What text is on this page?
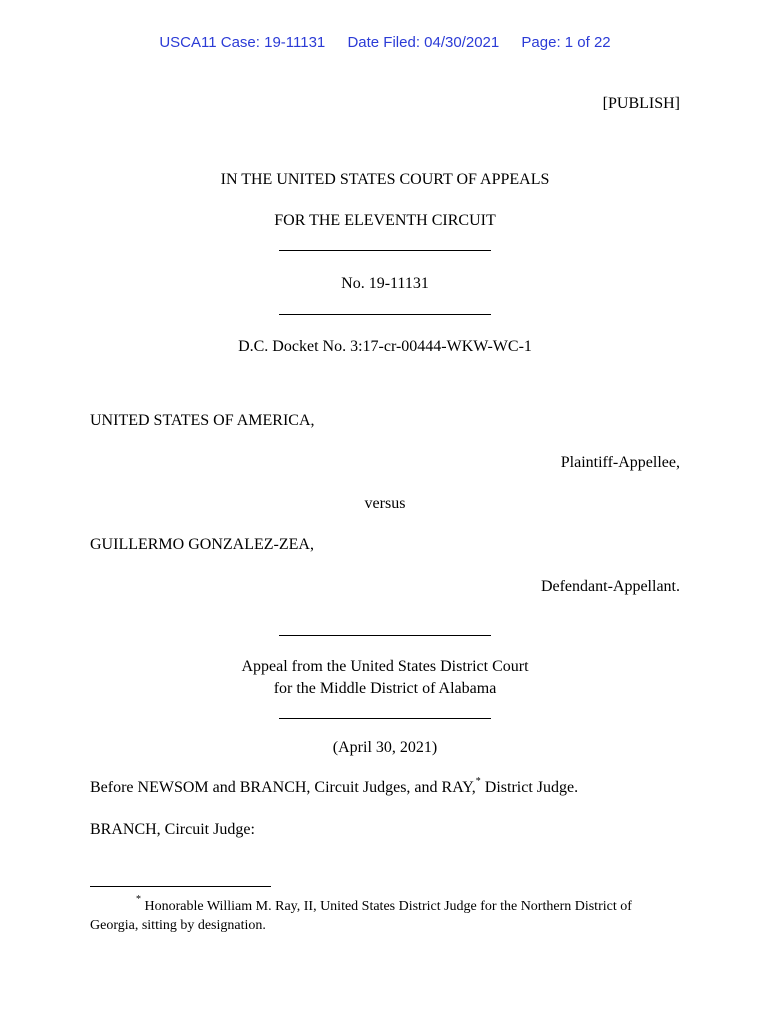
USCA11 Case: 19-11131 Date Filed: 04/30/2021 Page: 1 of 22
[PUBLISH]
IN THE UNITED STATES COURT OF APPEALS
FOR THE ELEVENTH CIRCUIT
No. 19-11131
D.C. Docket No. 3:17-cr-00444-WKW-WC-1
UNITED STATES OF AMERICA,
Plaintiff-Appellee,
versus
GUILLERMO GONZALEZ-ZEA,
Defendant-Appellant.
Appeal from the United States District Court
for the Middle District of Alabama
(April 30, 2021)
Before NEWSOM and BRANCH, Circuit Judges, and RAY,* District Judge.
BRANCH, Circuit Judge:
* Honorable William M. Ray, II, United States District Judge for the Northern District of Georgia, sitting by designation.
